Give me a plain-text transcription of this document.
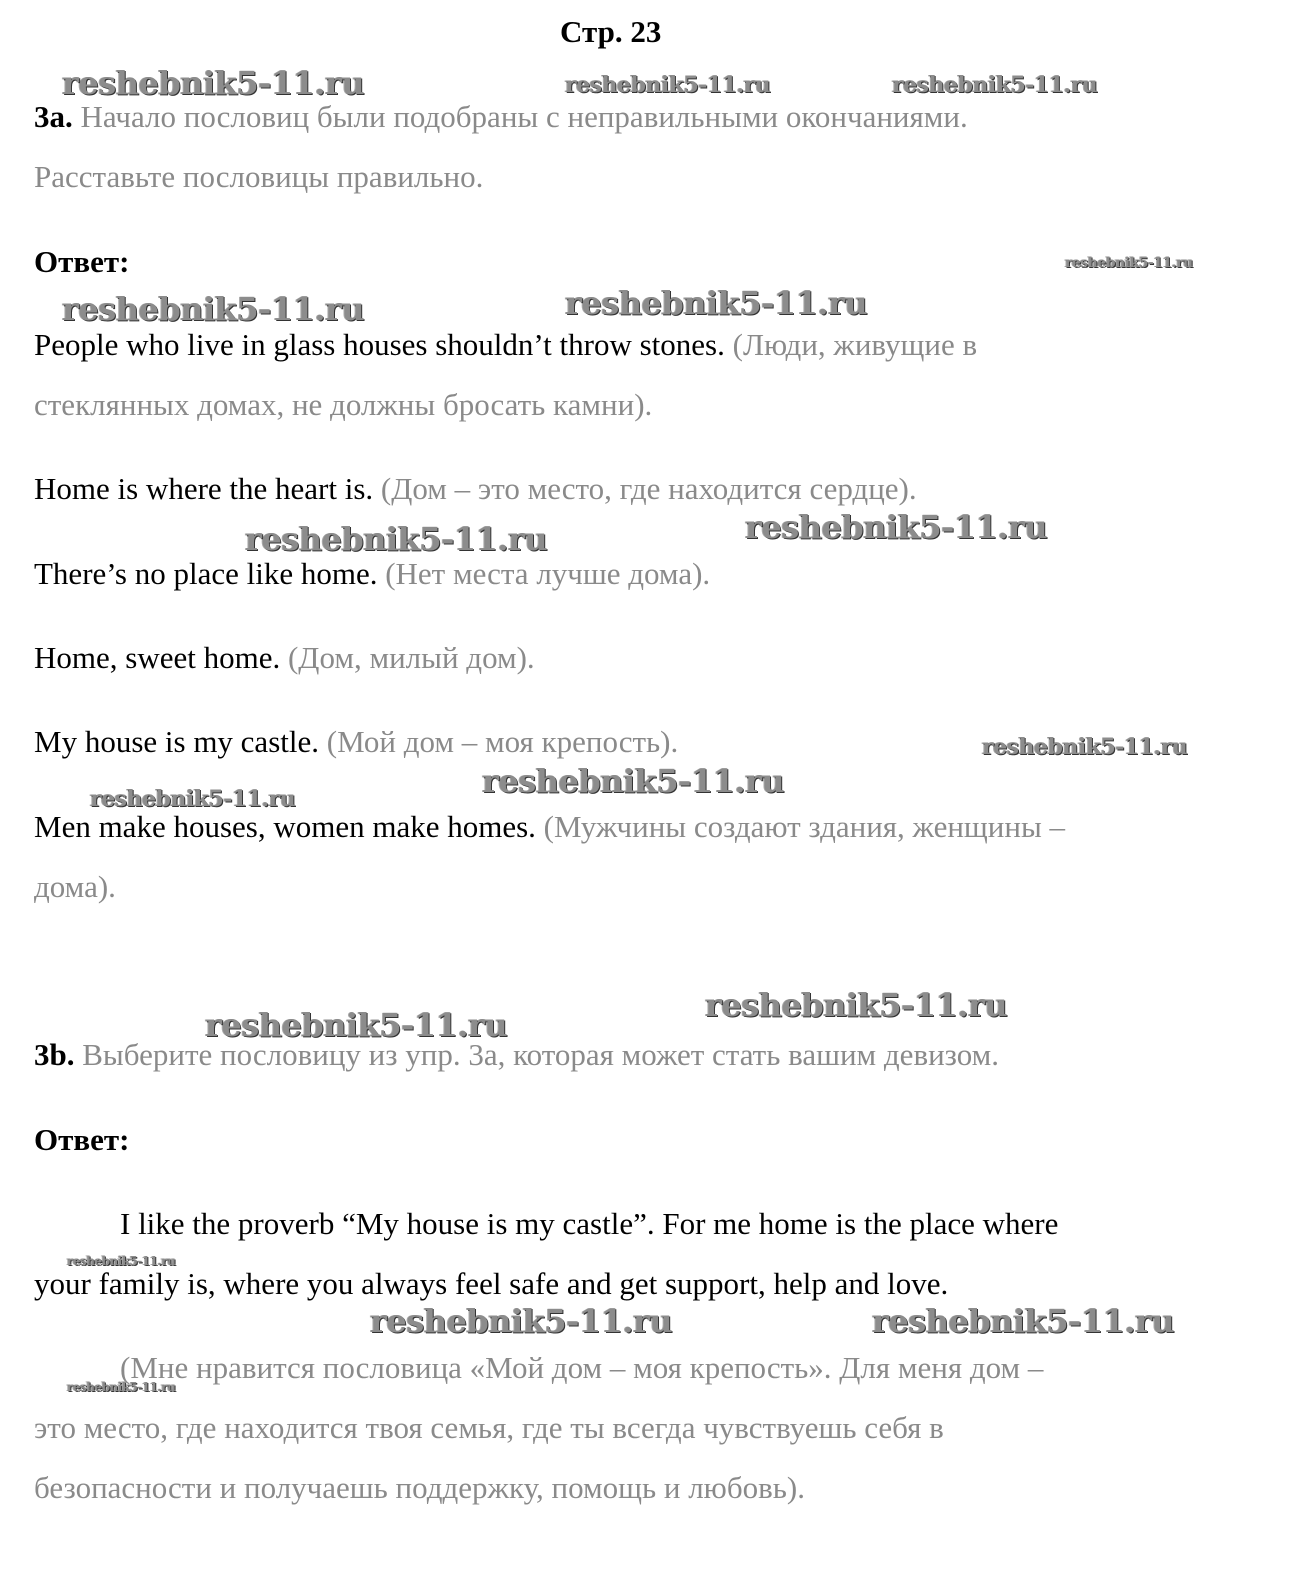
Стр. 23
reshebnik5-11.ru	reshebnik5-11.ru	reshebnik5-11.ru
reshebnik5-11.ru
reshebnik5-11.ru	reshebnik5-11.ru
reshebnik5-11.ru	reshebnik5-11.ru
reshebnik5-11.ru
reshebnik5-11.ru
reshebnik5-11.ru
reshebnik5-11.ru
reshebnik5-11.ru
reshebnik5-11.ru
reshebnik5-11.ru	reshebnik5-11.ru
reshebnik5-11.ru
3a. Начало пословиц были подобраны с неправильными окончаниями.
Расставьте пословицы правильно.
Ответ:
People who live in glass houses shouldn’t throw stones. (Люди, живущие в
стеклянных домах, не должны бросать камни).
Home is where the heart is. (Дом – это место, где находится сердце).
There’s no place like home. (Нет места лучше дома).
Home, sweet home. (Дом, милый дом).
My house is my castle. (Мой дом – моя крепость).
Men make houses, women make homes. (Мужчины создают здания, женщины –
дома).
3b. Выберите пословицу из упр. 3a, которая может стать вашим девизом.
Ответ:
I like the proverb “My house is my castle”. For me home is the place where
your family is, where you always feel safe and get support, help and love.
(Мне нравится пословица «Мой дом – моя крепость». Для меня дом –
это место, где находится твоя семья, где ты всегда чувствуешь себя в
безопасности и получаешь поддержку, помощь и любовь).
